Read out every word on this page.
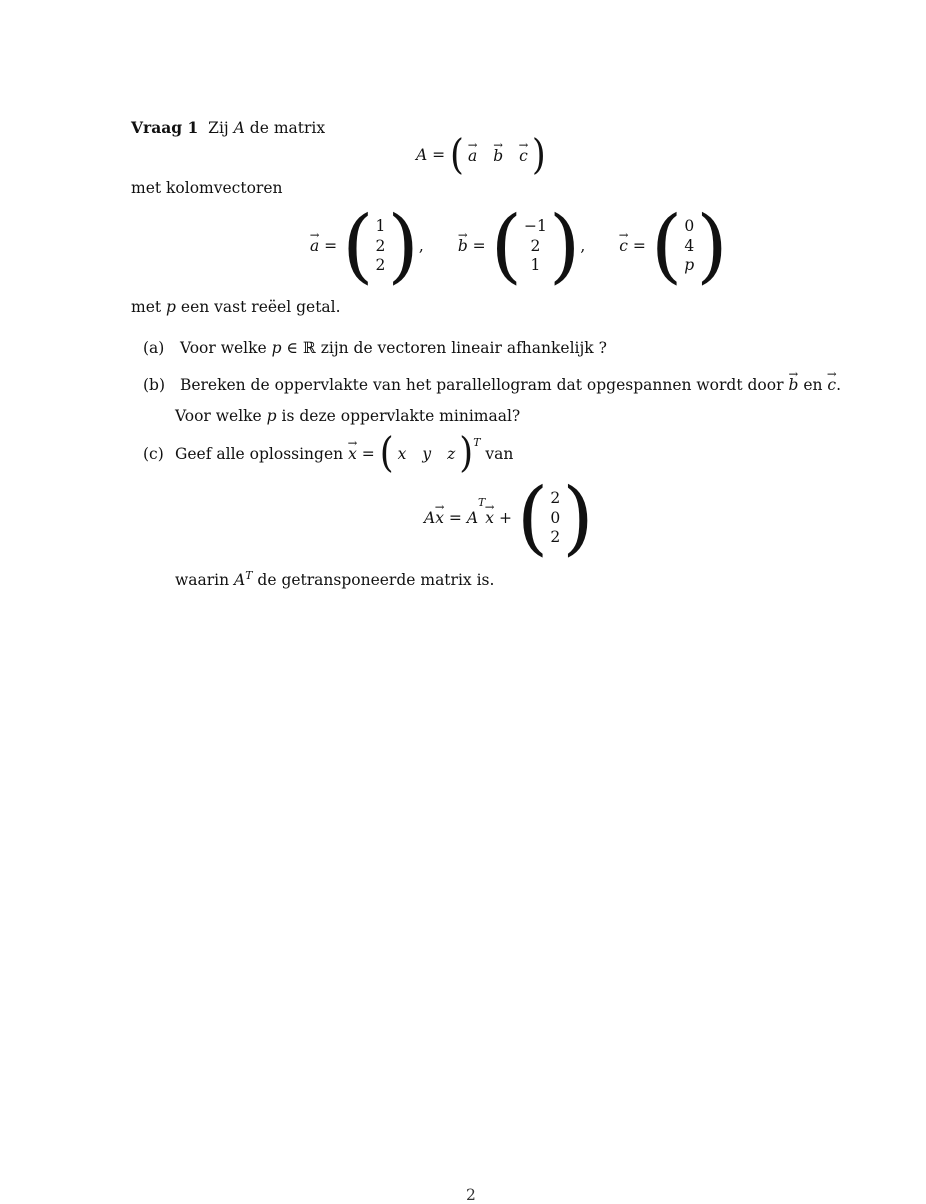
Vraag 1 Zij A de matrix
A = ( → a → b → c )
met kolomvectoren
→ a = ( 1
2
2 ) , → b = ( −1
2
1 ) , → c = ( 0
4
p )
met p een vast reëel getal.
(a) Voor welke p ∈ ℝ zijn de vectoren lineair afhankelijk ?
(b) Bereken de oppervlakte van het parallellogram dat opgespannen wordt door → b en → c.
Voor welke p is deze oppervlakte minimaal?
(c) Geef alle oplossingen
→ x
=
( x y z )$^T$

van
A → x
=
A
T
→ x
+
( 2
0
2 )
waarin $A^T$ de getransponeerde matrix is.
2
